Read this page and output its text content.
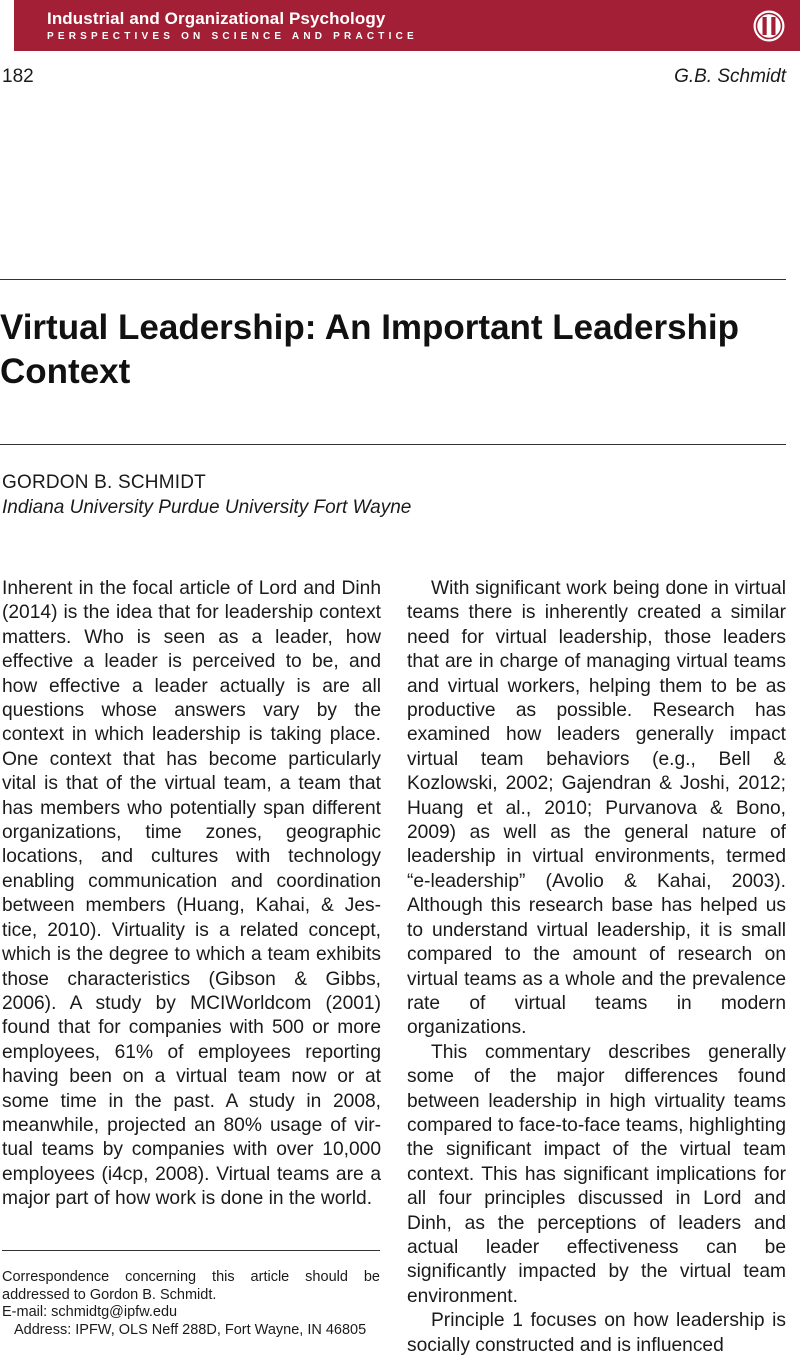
Industrial and Organizational Psychology
PERSPECTIVES ON SCIENCE AND PRACTICE
182	G.B. Schmidt
Virtual Leadership: An Important Leadership Context
GORDON B. SCHMIDT
Indiana University Purdue University Fort Wayne

Inherent in the focal article of Lord and Dinh (2014) is the idea that for leadership context matters. Who is seen as a leader, how effective a leader is perceived to be, and how effective a leader actually is are all questions whose answers vary by the context in which leadership is taking place. One context that has become particularly vital is that of the virtual team, a team that has members who potentially span different organizations, time zones, geographic locations, and cultures with technology enabling communication and coordination between members (Huang, Kahai, & Jestice, 2010). Virtuality is a related concept, which is the degree to which a team exhibits those characteristics (Gibson & Gibbs, 2006). A study by MCIWorldcom (2001) found that for companies with 500 or more employees, 61% of employees reporting having been on a virtual team now or at some time in the past. A study in 2008, meanwhile, projected an 80% usage of virtual teams by companies with over 10,000 employees (i4cp, 2008). Virtual teams are a major part of how work is done in the world.

With significant work being done in virtual teams there is inherently created a similar need for virtual leadership, those leaders that are in charge of managing virtual teams and virtual workers, helping them to be as productive as possible. Research has examined how leaders generally impact virtual team behaviors (e.g., Bell & Kozlowski, 2002; Gajendran & Joshi, 2012; Huang et al., 2010; Purvanova & Bono, 2009) as well as the general nature of leadership in virtual environments, termed “e-leadership” (Avolio & Kahai, 2003). Although this research base has helped us to understand virtual leadership, it is small compared to the amount of research on virtual teams as a whole and the prevalence rate of virtual teams in modern organizations.

This commentary describes generally some of the major differences found between leadership in high virtuality teams compared to face-to-face teams, highlighting the significant impact of the virtual team context. This has significant implications for all four principles discussed in Lord and Dinh, as the perceptions of leaders and actual leader effectiveness can be significantly impacted by the virtual team environment.

Principle 1 focuses on how leadership is socially constructed and is influenced

Correspondence concerning this article should be addressed to Gordon B. Schmidt.

E-mail: schmidtg@ipfw.edu

Address: IPFW, OLS Neff 288D, Fort Wayne, IN 46805
